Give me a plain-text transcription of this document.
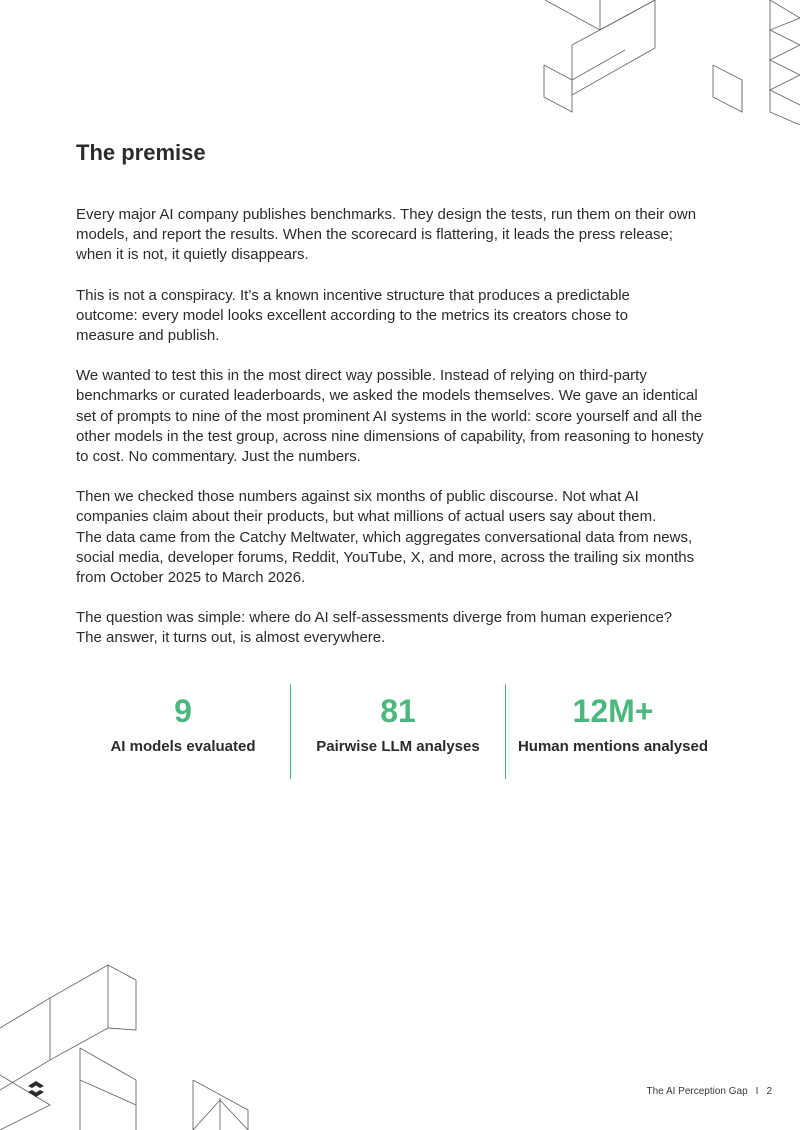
The premise

Every major AI company publishes benchmarks. They design the tests, run them on their own
models, and report the results. When the scorecard is flattering, it leads the press release;
when it is not, it quietly disappears.

This is not a conspiracy. It’s a known incentive structure that produces a predictable
outcome: every model looks excellent according to the metrics its creators chose to
measure and publish.

We wanted to test this in the most direct way possible. Instead of relying on third-party
benchmarks or curated leaderboards, we asked the models themselves. We gave an identical
set of prompts to nine of the most prominent AI systems in the world: score yourself and all the
other models in the test group, across nine dimensions of capability, from reasoning to honesty
to cost. No commentary. Just the numbers.

Then we checked those numbers against six months of public discourse. Not what AI
companies claim about their products, but what millions of actual users say about them.
The data came from the Catchy Meltwater, which aggregates conversational data from news,
social media, developer forums, Reddit, YouTube, X, and more, across the trailing six months
from October 2025 to March 2026.

The question was simple: where do AI self-assessments diverge from human experience?
The answer, it turns out, is almost everywhere.

9
AI models evaluated
81
Pairwise LLM analyses
12M+
Human mentions analysed
The AI Perception Gap I 2
